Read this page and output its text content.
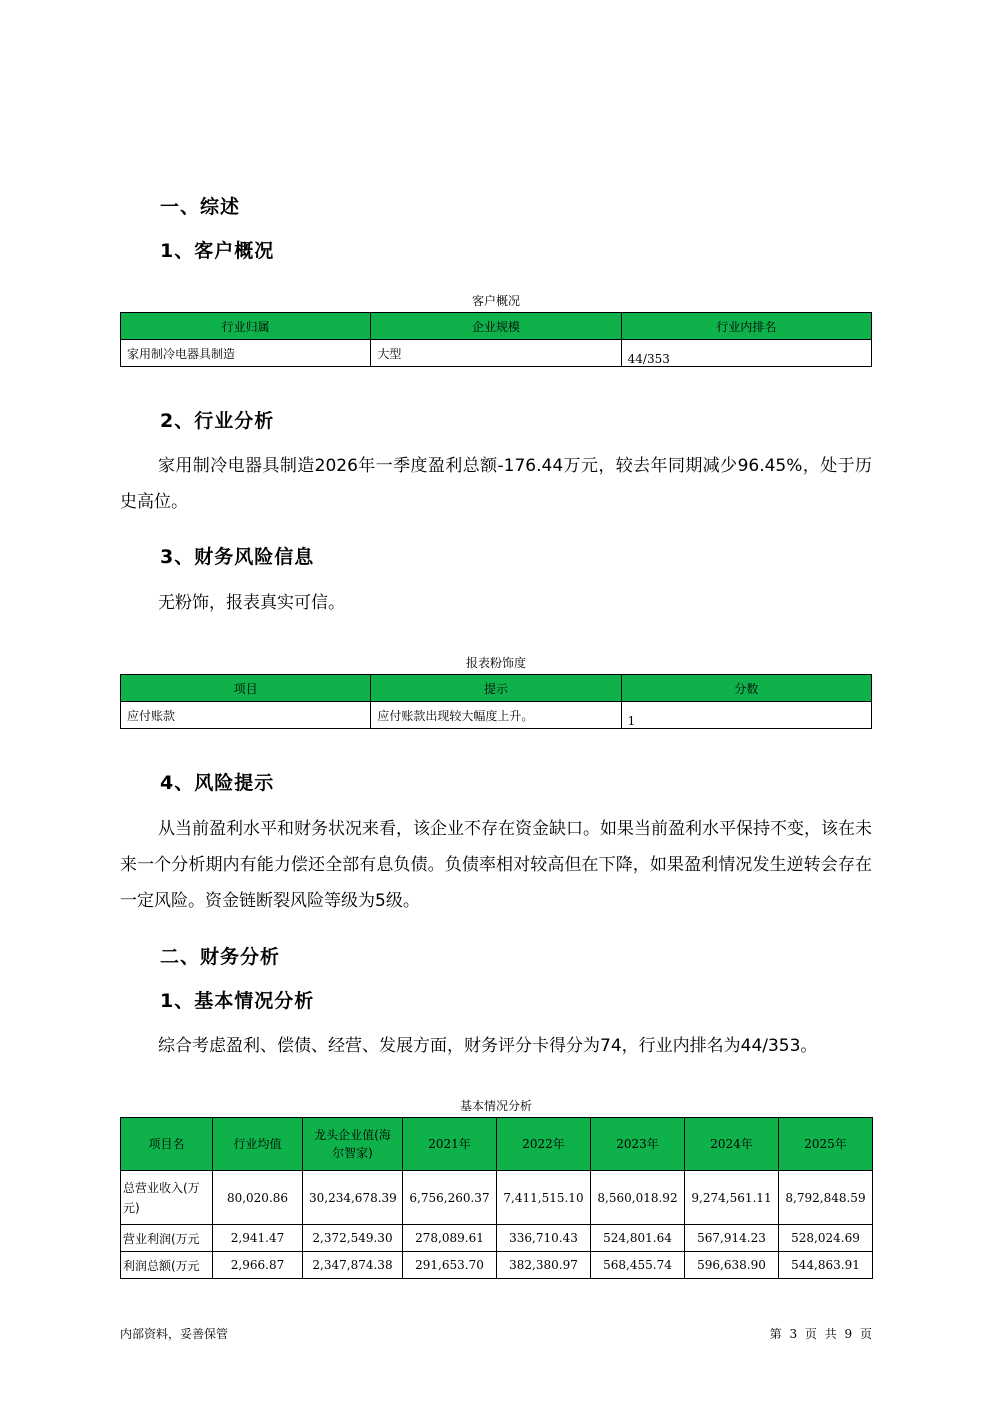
一、综述
1、客户概况
客户概况
行业归属	企业规模	行业内排名
家用制冷电器具制造	大型	44/353
2、行业分析
家用制冷电器具制造2026年一季度盈利总额-176.44万元，较去年同期减少96.45%，处于历史高位。
3、财务风险信息
无粉饰，报表真实可信。
报表粉饰度
项目	提示	分数
应付账款	应付账款出现较大幅度上升。	1
4、风险提示
从当前盈利水平和财务状况来看，该企业不存在资金缺口。如果当前盈利水平保持不变，该在未来一个分析期内有能力偿还全部有息负债。负债率相对较高但在下降，如果盈利情况发生逆转会存在一定风险。资金链断裂风险等级为5级。
二、财务分析
1、基本情况分析
综合考虑盈利、偿债、经营、发展方面，财务评分卡得分为74，行业内排名为44/353。
基本情况分析
项目名	行业均值	龙头企业值(海尔智家)	2021年	2022年	2023年	2024年	2025年
总营业收入(万元)	80,020.86	30,234,678.39	6,756,260.37	7,411,515.10	8,560,018.92	9,274,561.11	8,792,848.59
营业利润(万元	2,941.47	2,372,549.30	278,089.61	336,710.43	524,801.64	567,914.23	528,024.69
利润总额(万元	2,966.87	2,347,874.38	291,653.70	382,380.97	568,455.74	596,638.90	544,863.91
内部资料，妥善保管	第 3 页 共 9 页
